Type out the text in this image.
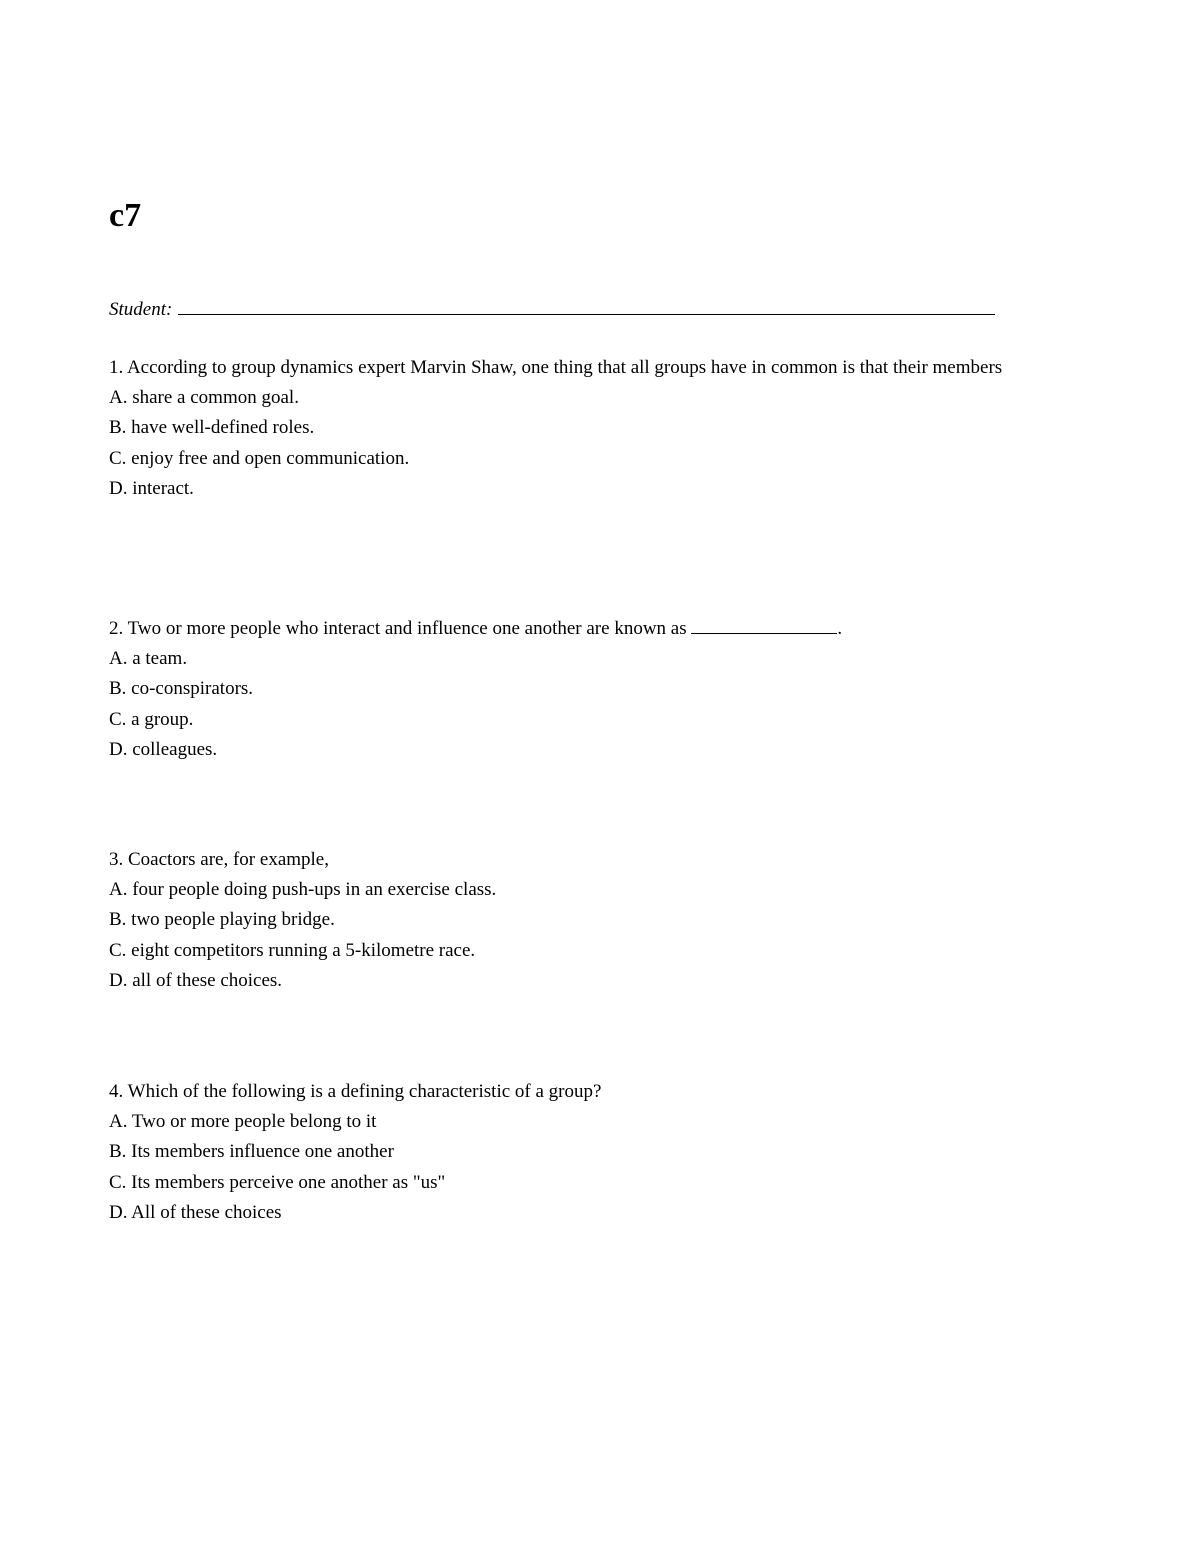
c7
Student:

1. According to group dynamics expert Marvin Shaw, one thing that all groups have in common is that their members

A. share a common goal.

B. have well-defined roles.

C. enjoy free and open communication.

D. interact.

2. Two or more people who interact and influence one another are known as	.

A. a team.

B. co-conspirators.

C. a group.

D. colleagues.

3. Coactors are, for example,

A. four people doing push-ups in an exercise class.

B. two people playing bridge.

C. eight competitors running a 5-kilometre race.

D. all of these choices.

4. Which of the following is a defining characteristic of a group?

A. Two or more people belong to it

B. Its members influence one another

C. Its members perceive one another as "us"

D. All of these choices
